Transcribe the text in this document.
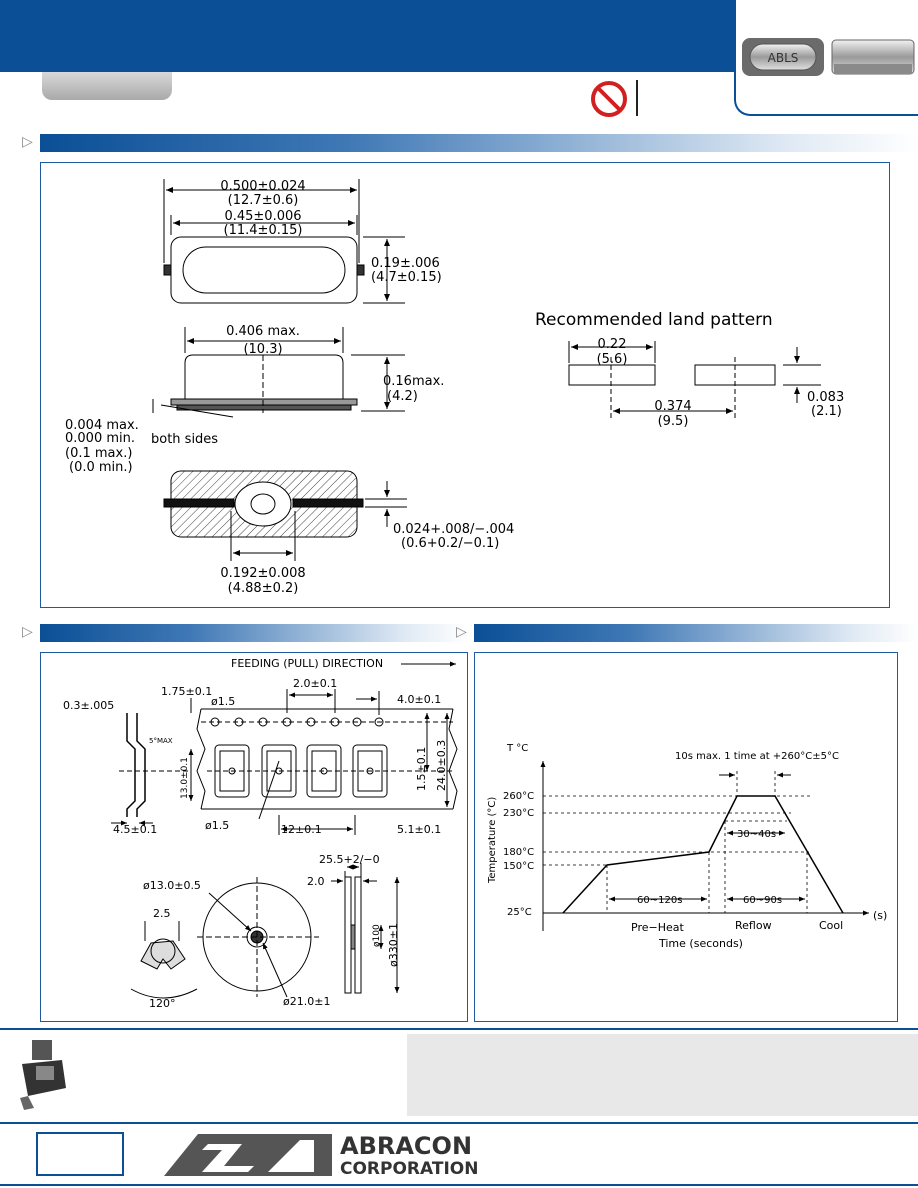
ABLS
▷
0.500±0.024
(12.7±0.6)
0.45±0.006
(11.4±0.15)
0.19±.006
(4.7±0.15)
0.406 max.
(10.3)
0.16max.
(4.2)
0.004 max.
0.000 min. both sides
(0.1 max.)
(0.0 min.)
0.024+.008/−.004
(0.6+0.2/−0.1)
0.192±0.008
(4.88±0.2)
Recommended land pattern
0.22
(5.6)
0.374
(9.5)
0.083
(2.1)
▷	▷
FEEDING (PULL) DIRECTION
0.3±.005
1.75±0.1
ø1.5
2.0±0.1
4.0±0.1
5°MAX
13.0±0.1	1.5±0.1 24.0±0.3
4.5±0.1	ø1.5	12±0.1	5.1±0.1
25.5+2/−0
2.0
ø13.0±0.5
2.5
ø100 ø330±1
120°	ø21.0±1
T °C
Temperature (°C)
260°C
230°C
180°C
150°C
25°C
10s max. 1 time at +260°C±5°C
30~40s
60~120s	60~90s
Pre−Heat	Reflow	Cool
(s)
Time (seconds)
ABRACON
CORPORATION
